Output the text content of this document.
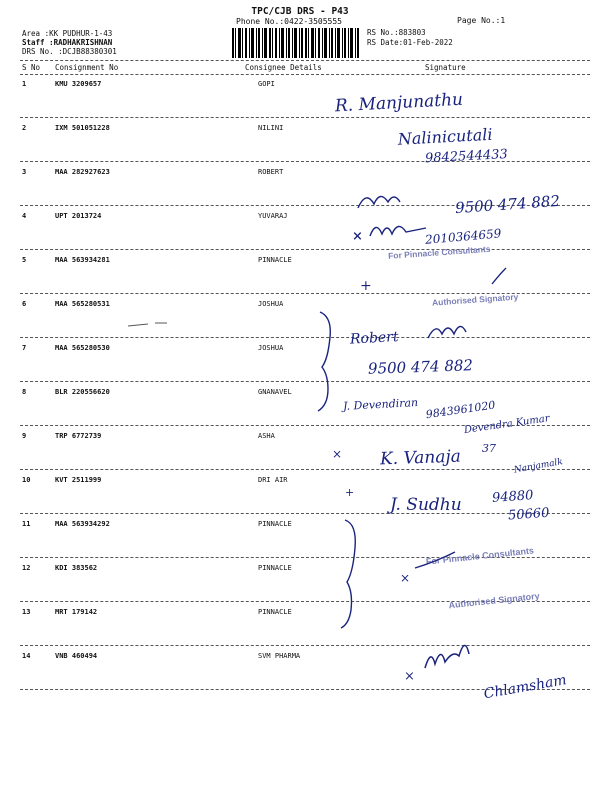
TPC/CJB DRS - P43
Phone No.:0422-3505555	Page No.:1
Area :KK PUDHUR-1-43
Staff :RADHAKRISHNAN
DRS No. :DCJB88380301
RS No.:883803
RS Date:01-Feb-2022
S No Consignment No	Consignee Details	Signature
1	KMU 3209657	GOPI
2	IXM 501051228	NILINI
3	MAA 282927623	ROBERT
4	UPT 2013724	YUVARAJ
5	MAA 563934281	PINNACLE
6	MAA 565280531	JOSHUA
7	MAA 565280530	JOSHUA
8	BLR 220556620	GNANAVEL
9	TRP 6772739	ASHA
10	KVT 2511999	DRI AIR
11	MAA 563934292	PINNACLE
12	KDI 383562	PINNACLE
13	MRT 179142	PINNACLE
14	VNB 460494	SVM PHARMA
For Pinnacle Consultants
Authorised Signatory
For Pinnacle Consultants
Authorised Signatory
R. Manjunathu
Nalinicutali
9842544433
9500 474 882
×	2010364659
+
Robert
9500 474 882
J. Devendiran 9843961020
Devendra Kumar
× K. Vanaja 37
Nanjamalk
+
J. Sudhu 94880
50660
×
×	Chlamsham
